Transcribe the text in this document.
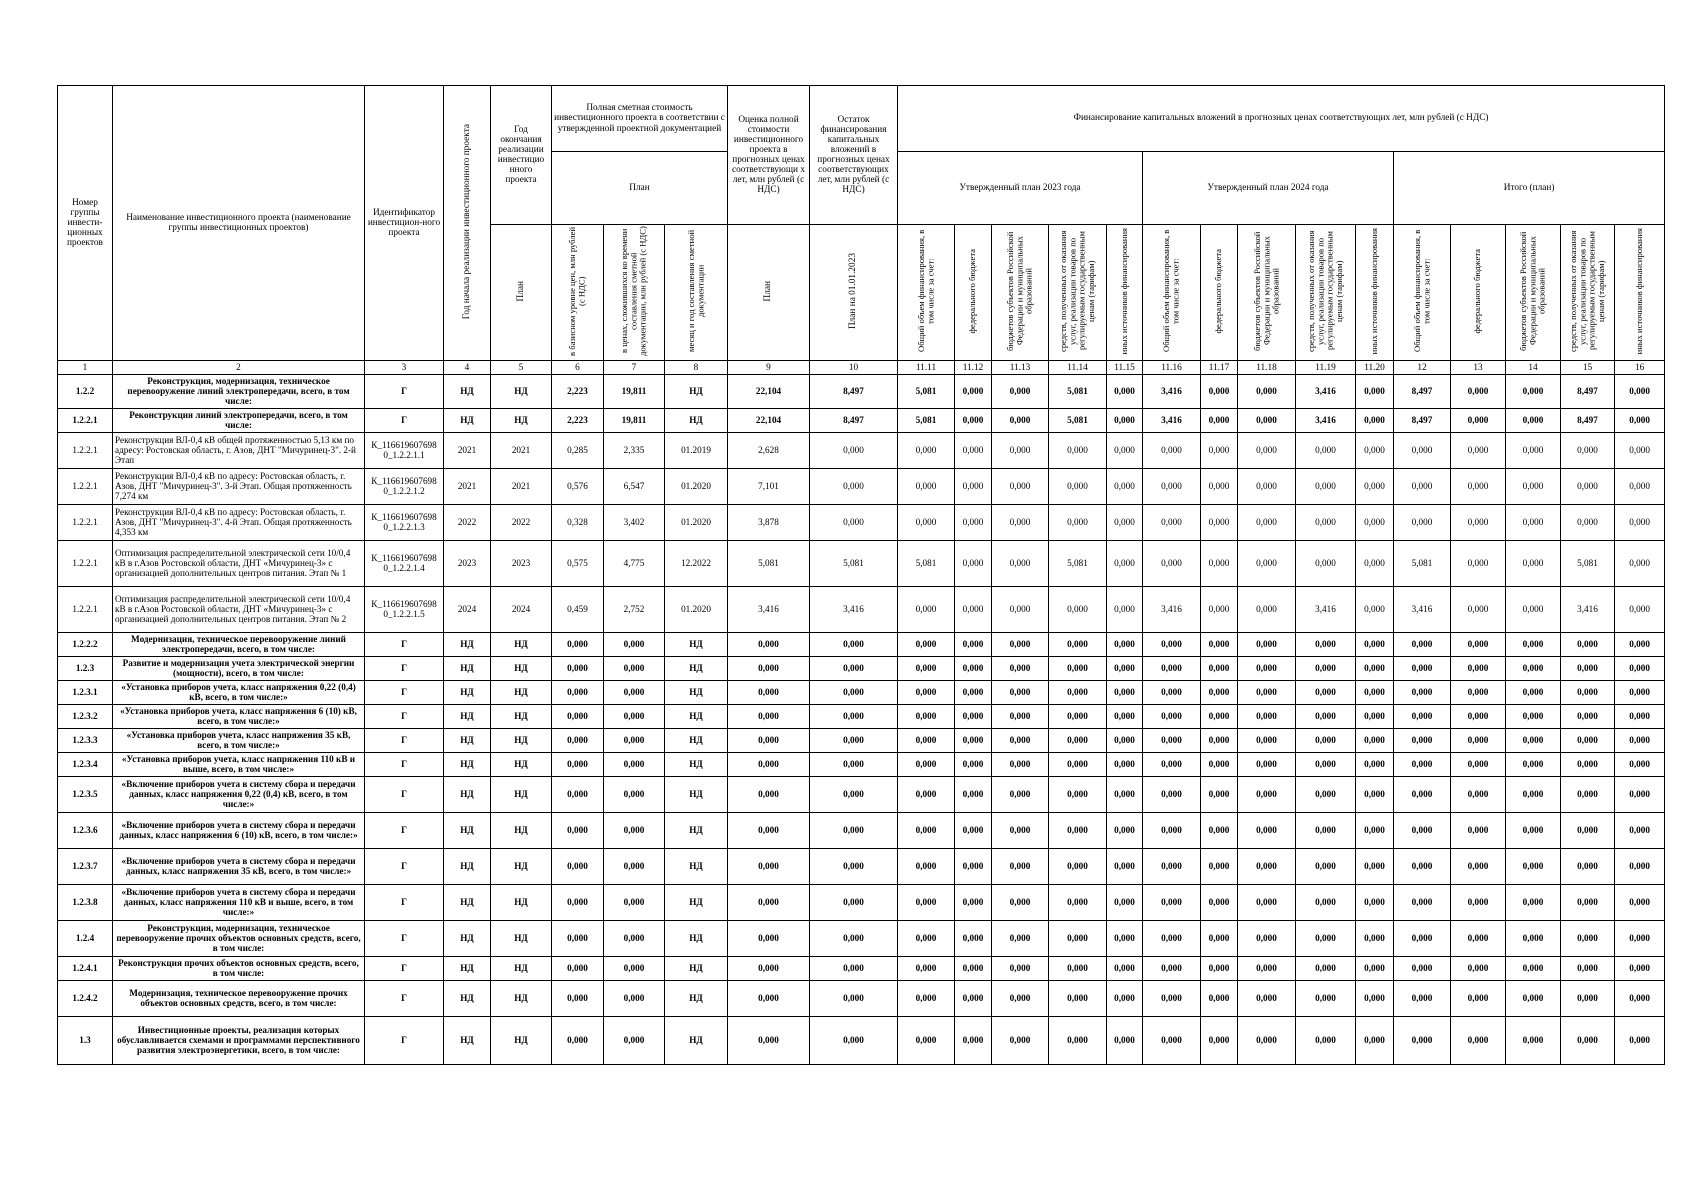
Номер группы инвести-ционных проектов	Наименование инвестиционного проекта (наименование группы инвестиционных проектов)	Идентификатор инвестицион-ного проекта	Год начала реализации инвестиционного проекта	Год окончания реализации инвестицио нного проекта	Полная сметная стоимость инвестиционного проекта в соответствии с утвержденной проектной документацией			Оценка полной стоимости инвестиционного проекта в прогнозных ценах соответствующи х лет, млн рублей (с НДС)	Остаток финансирования капитальных вложений в прогнозных ценах соответствующих лет, млн рублей (с НДС)	Финансирование капитальных вложений в прогнозных ценах соответствующих лет, млн рублей (с НДС)														
					План					Утвержденный план 2023 года					Утвержденный план 2024 года					Итого (план)				
				План	в базисном уровне цен, млн рублей (с НДС)	в ценах, сложившихся ко времени составления сметной документации, млн рублей (с НДС)	месяц и год составления сметной документации	План	План на 01.01.2023	Общий объем финансирования, в том числе за счет:	федерального бюджета	бюджетов субъектов Российской Федерации и муниципальных образований	средств, полученных от оказания услуг, реализации товаров по регулируемым государственным ценам (тарифам)	иных источников финансирования	Общий объем финансирования, в том числе за счет:	федерального бюджета	бюджетов субъектов Российской Федерации и муниципальных образований	средств, полученных от оказания услуг, реализации товаров по регулируемым государственным ценам (тарифам)	иных источников финансирования	Общий объем финансирования, в том числе за счет:	федерального бюджета	бюджетов субъектов Российской Федерации и муниципальных образований	средств, полученных от оказания услуг, реализации товаров по регулируемым государственным ценам (тарифам)	иных источников финансирования
1	2	3	4	5	6	7	8	9	10	11.11	11.12	11.13	11.14	11.15	11.16	11.17	11.18	11.19	11.20	12	13	14	15	16
1.2.2	Реконструкция, модернизация, техническое перевооружение линий электропередачи, всего, в том числе:	Г	НД	НД	2,223	19,811	НД	22,104	8,497	5,081	0,000	0,000	5,081	0,000	3,416	0,000	0,000	3,416	0,000	8,497	0,000	0,000	8,497	0,000
1.2.2.1	Реконструкция линий электропередачи, всего, в том числе:	Г	НД	НД	2,223	19,811	НД	22,104	8,497	5,081	0,000	0,000	5,081	0,000	3,416	0,000	0,000	3,416	0,000	8,497	0,000	0,000	8,497	0,000
1.2.2.1	Реконструкция ВЛ-0,4 кВ общей протяженностью 5,13 км по адресу: Ростовская область, г. Азов, ДНТ "Мичуринец-3". 2-й Этап	К_116619607698 0_1.2.2.1.1	2021	2021	0,285	2,335	01.2019	2,628	0,000	0,000	0,000	0,000	0,000	0,000	0,000	0,000	0,000	0,000	0,000	0,000	0,000	0,000	0,000	0,000
1.2.2.1	Реконструкция ВЛ-0,4 кВ по адресу: Ростовская область, г. Азов, ДНТ "Мичуринец-3". 3-й Этап. Общая протяженность 7,274 км	К_116619607698 0_1.2.2.1.2	2021	2021	0,576	6,547	01.2020	7,101	0,000	0,000	0,000	0,000	0,000	0,000	0,000	0,000	0,000	0,000	0,000	0,000	0,000	0,000	0,000	0,000
1.2.2.1	Реконструкция ВЛ-0,4 кВ по адресу: Ростовская область, г. Азов, ДНТ "Мичуринец-3". 4-й Этап. Общая протяженность 4,353 км	К_116619607698 0_1.2.2.1.3	2022	2022	0,328	3,402	01.2020	3,878	0,000	0,000	0,000	0,000	0,000	0,000	0,000	0,000	0,000	0,000	0,000	0,000	0,000	0,000	0,000	0,000
1.2.2.1	Оптимизация распределительной электрической сети 10/0,4 кВ в г.Азов Ростовской области, ДНТ «Мичуринец-3» с организацией дополнительных центров питания. Этап № 1	К_116619607698 0_1.2.2.1.4	2023	2023	0,575	4,775	12.2022	5,081	5,081	5,081	0,000	0,000	5,081	0,000	0,000	0,000	0,000	0,000	0,000	5,081	0,000	0,000	5,081	0,000
1.2.2.1	Оптимизация распределительной электрической сети 10/0,4 кВ в г.Азов Ростовской области, ДНТ «Мичуринец-3» с организацией дополнительных центров питания. Этап № 2	К_116619607698 0_1.2.2.1.5	2024	2024	0,459	2,752	01.2020	3,416	3,416	0,000	0,000	0,000	0,000	0,000	3,416	0,000	0,000	3,416	0,000	3,416	0,000	0,000	3,416	0,000
1.2.2.2	Модернизация, техническое перевооружение линий электропередачи, всего, в том числе:	Г	НД	НД	0,000	0,000	НД	0,000	0,000	0,000	0,000	0,000	0,000	0,000	0,000	0,000	0,000	0,000	0,000	0,000	0,000	0,000	0,000	0,000
1.2.3	Развитие и модернизация учета электрической энергии (мощности), всего, в том числе:	Г	НД	НД	0,000	0,000	НД	0,000	0,000	0,000	0,000	0,000	0,000	0,000	0,000	0,000	0,000	0,000	0,000	0,000	0,000	0,000	0,000	0,000
1.2.3.1	«Установка приборов учета, класс напряжения 0,22 (0,4) кВ, всего, в том числе:»	Г	НД	НД	0,000	0,000	НД	0,000	0,000	0,000	0,000	0,000	0,000	0,000	0,000	0,000	0,000	0,000	0,000	0,000	0,000	0,000	0,000	0,000
1.2.3.2	«Установка приборов учета, класс напряжения 6 (10) кВ, всего, в том числе:»	Г	НД	НД	0,000	0,000	НД	0,000	0,000	0,000	0,000	0,000	0,000	0,000	0,000	0,000	0,000	0,000	0,000	0,000	0,000	0,000	0,000	0,000
1.2.3.3	«Установка приборов учета, класс напряжения 35 кВ, всего, в том числе:»	Г	НД	НД	0,000	0,000	НД	0,000	0,000	0,000	0,000	0,000	0,000	0,000	0,000	0,000	0,000	0,000	0,000	0,000	0,000	0,000	0,000	0,000
1.2.3.4	«Установка приборов учета, класс напряжения 110 кВ и выше, всего, в том числе:»	Г	НД	НД	0,000	0,000	НД	0,000	0,000	0,000	0,000	0,000	0,000	0,000	0,000	0,000	0,000	0,000	0,000	0,000	0,000	0,000	0,000	0,000
1.2.3.5	«Включение приборов учета в систему сбора и передачи данных, класс напряжения 0,22 (0,4) кВ, всего, в том числе:»	Г	НД	НД	0,000	0,000	НД	0,000	0,000	0,000	0,000	0,000	0,000	0,000	0,000	0,000	0,000	0,000	0,000	0,000	0,000	0,000	0,000	0,000
1.2.3.6	«Включение приборов учета в систему сбора и передачи данных, класс напряжения 6 (10) кВ, всего, в том числе:»	Г	НД	НД	0,000	0,000	НД	0,000	0,000	0,000	0,000	0,000	0,000	0,000	0,000	0,000	0,000	0,000	0,000	0,000	0,000	0,000	0,000	0,000
1.2.3.7	«Включение приборов учета в систему сбора и передачи данных, класс напряжения 35 кВ, всего, в том числе:»	Г	НД	НД	0,000	0,000	НД	0,000	0,000	0,000	0,000	0,000	0,000	0,000	0,000	0,000	0,000	0,000	0,000	0,000	0,000	0,000	0,000	0,000
1.2.3.8	«Включение приборов учета в систему сбора и передачи данных, класс напряжения 110 кВ и выше, всего, в том числе:»	Г	НД	НД	0,000	0,000	НД	0,000	0,000	0,000	0,000	0,000	0,000	0,000	0,000	0,000	0,000	0,000	0,000	0,000	0,000	0,000	0,000	0,000
1.2.4	Реконструкция, модернизация, техническое перевооружение прочих объектов основных средств, всего, в том числе:	Г	НД	НД	0,000	0,000	НД	0,000	0,000	0,000	0,000	0,000	0,000	0,000	0,000	0,000	0,000	0,000	0,000	0,000	0,000	0,000	0,000	0,000
1.2.4.1	Реконструкция прочих объектов основных средств, всего, в том числе:	Г	НД	НД	0,000	0,000	НД	0,000	0,000	0,000	0,000	0,000	0,000	0,000	0,000	0,000	0,000	0,000	0,000	0,000	0,000	0,000	0,000	0,000
1.2.4.2	Модернизация, техническое перевооружение прочих объектов основных средств, всего, в том числе:	Г	НД	НД	0,000	0,000	НД	0,000	0,000	0,000	0,000	0,000	0,000	0,000	0,000	0,000	0,000	0,000	0,000	0,000	0,000	0,000	0,000	0,000
1.3	Инвестиционные проекты, реализация которых обуславливается схемами и программами перспективного развития электроэнергетики, всего, в том числе:	Г	НД	НД	0,000	0,000	НД	0,000	0,000	0,000	0,000	0,000	0,000	0,000	0,000	0,000	0,000	0,000	0,000	0,000	0,000	0,000	0,000	0,000
